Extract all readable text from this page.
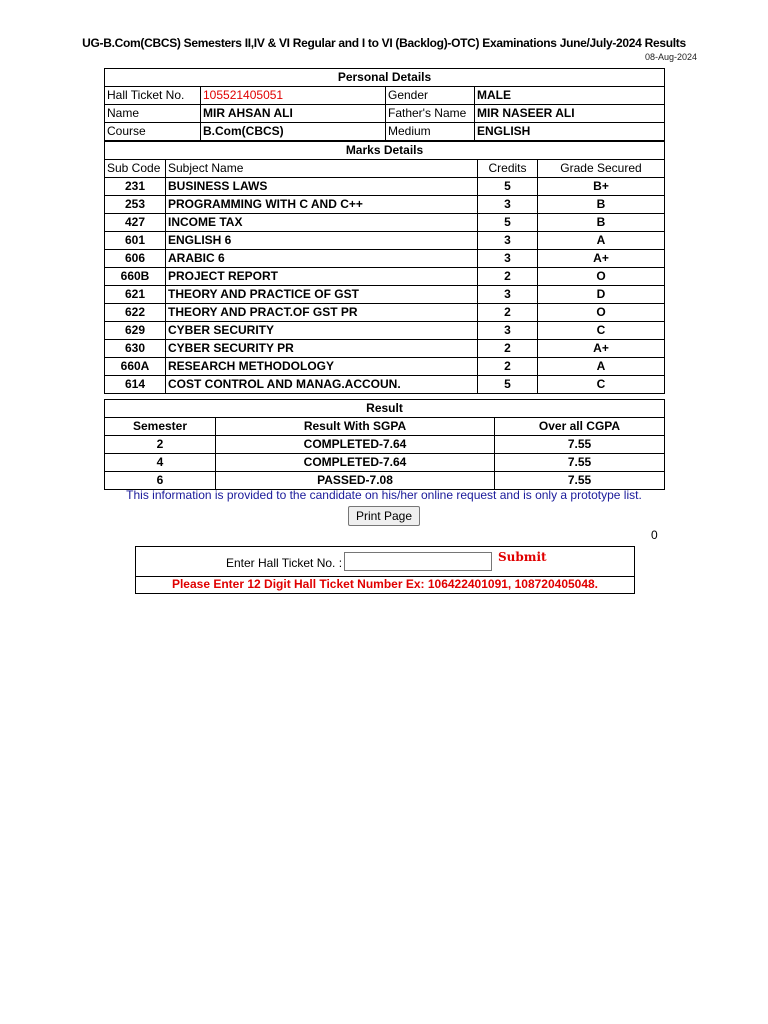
UG-B.Com(CBCS) Semesters II,IV & VI Regular and I to VI (Backlog)-OTC) Examinations June/July-2024 Results
08-Aug-2024
Personal Details			
Hall Ticket No.	105521405051	Gender	MALE
Name	MIR AHSAN ALI	Father's Name	MIR NASEER ALI
Course	B.Com(CBCS)	Medium	ENGLISH
Marks Details			
Sub Code	Subject Name	Credits	Grade Secured
231	BUSINESS LAWS	5	B+
253	PROGRAMMING WITH C AND C++	3	B
427	INCOME TAX	5	B
601	ENGLISH 6	3	A
606	ARABIC 6	3	A+
660B	PROJECT REPORT	2	O
621	THEORY AND PRACTICE OF GST	3	D
622	THEORY AND PRACT.OF GST PR	2	O
629	CYBER SECURITY	3	C
630	CYBER SECURITY PR	2	A+
660A	RESEARCH METHODOLOGY	2	A
614	COST CONTROL AND MANAG.ACCOUN.	5	C
Result		
Semester	Result With SGPA	Over all CGPA
2	COMPLETED-7.64	7.55
4	COMPLETED-7.64	7.55
6	PASSED-7.08	7.55
This information is provided to the candidate on his/her online request and is only a prototype list.
Print Page
0
Enter Hall Ticket No. :	Submit
Please Enter 12 Digit Hall Ticket Number Ex: 106422401091, 108720405048.
